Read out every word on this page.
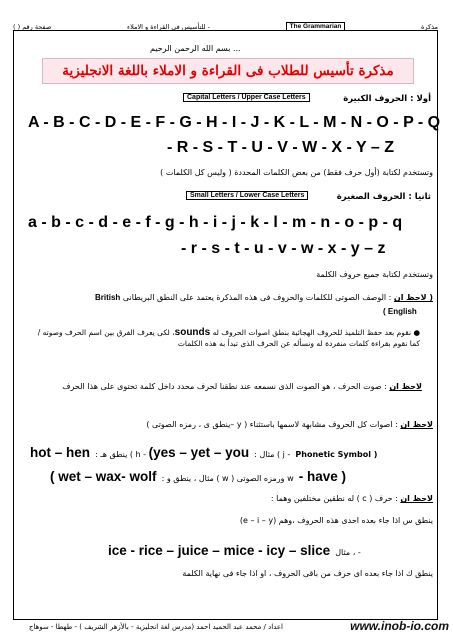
مذكرة
The Grammarian
- للتأسيس في القراءة و الاملاء
صفحة رقم ( )
... بسم الله الرحمن الرحيم
مذكرة تأسيس للطلاب فى القراءة و الاملاء باللغة الانجليزية
أولا : الحروف الكبيرة
Capital Letters / Upper Case Letters
A - B - C - D - E - F - G - H - I - J - K - L - M - N - O - P - Q
- R - S - T - U - V - W - X - Y – Z
وتستخدم لكتابة (أول حرف فقط) من بعض الكلمات المحددة ( وليس كل الكلمات )
ثانيا : الحروف الصغيرة
Small Letters / Lower Case Letters
a - b - c - d - e - f - g - h - i - j - k - l - m - n - o - p - q
- r - s - t - u - v - w - x - y – z
وتستخدم لكتابة جميع حروف الكلمة
( لاحظ ان : الوصف الصوتى للكلمات والحروف فى هذه المذكرة يعتمد على النطق البريطانى British
( English
● نقوم بعد حفظ التلميذ للحروف الهجائية بنطق اصوات الحروف له sounds، لكى يعرف الفرق بين اسم الحرف وصوته / كما نقوم بقراءة كلمات منفردة له ونسأله عن الحرف الذى تبدأ به هذه الكلمات
لاحظ ان : صوت الحرف ، هو الصوت الذى نسمعه عند نطقنا لحرف محدد داخل كلمة تحتوى على هذا الحرف
لاحظ ان : اصوات كل الحروف مشابهة لاسمها باستثناء ( y –ينطق ى ، رمزه الصوتى )
hot – hen : ينطق هـ ( h - (yes – yet – you : مثال ( j - Phonetic Symbol )
( wet – wax- wolf : مثال ، ينطق و ( w ) ورمزه الصوتى w - have )
لاحظ ان : حرف ( c ) له نطقين مختلفين وهما :
ينطق س اذا جاء بعده احدى هذه الحروف ،وهم (e – i – y)
ice - rice – juice – mice - icy – slice مثال ، -
ينطق ك اذا جاء بعده اى حرف من باقى الحروف ، او اذا جاء فى نهاية الكلمة
اعداد / محمد عبد الحميد احمد (مدرس لغة انجليزية - بالأزهر الشريف ) - طهطا - سوهاج	www.inob-io.com
